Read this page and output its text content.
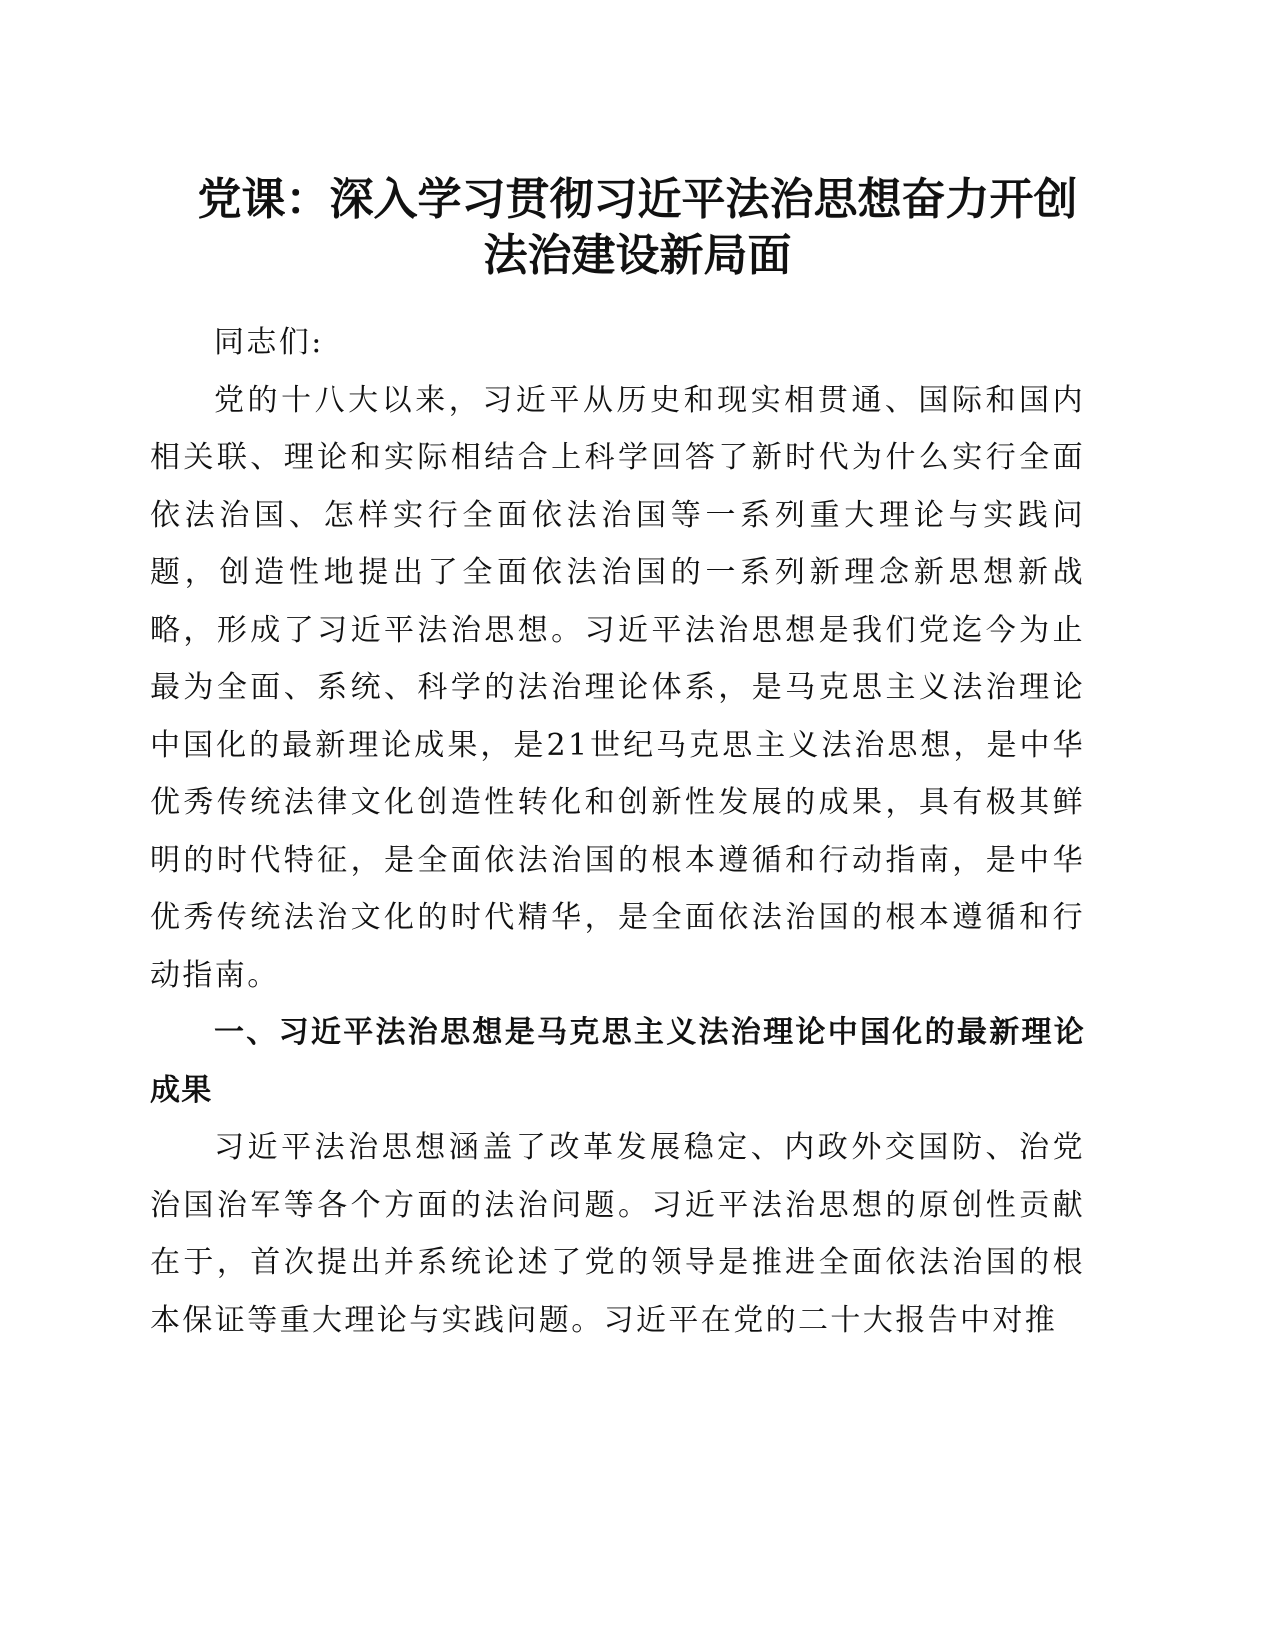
党课：深入学习贯彻习近平法治思想奋力开创
法治建设新局面

同志们:

党的十八大以来，习近平从历史和现实相贯通、国际和国内相关联、理论和实际相结合上科学回答了新时代为什么实行全面依法治国、怎样实行全面依法治国等一系列重大理论与实践问题，创造性地提出了全面依法治国的一系列新理念新思想新战略，形成了习近平法治思想。习近平法治思想是我们党迄今为止最为全面、系统、科学的法治理论体系，是马克思主义法治理论中国化的最新理论成果，是21世纪马克思主义法治思想，是中华优秀传统法律文化创造性转化和创新性发展的成果，具有极其鲜明的时代特征，是全面依法治国的根本遵循和行动指南，是中华优秀传统法治文化的时代精华，是全面依法治国的根本遵循和行动指南。

一、习近平法治思想是马克思主义法治理论中国化的最新理论成果

习近平法治思想涵盖了改革发展稳定、内政外交国防、治党治国治军等各个方面的法治问题。习近平法治思想的原创性贡献在于，首次提出并系统论述了党的领导是推进全面依法治国的根本保证等重大理论与实践问题。习近平在党的二十大报告中对推
